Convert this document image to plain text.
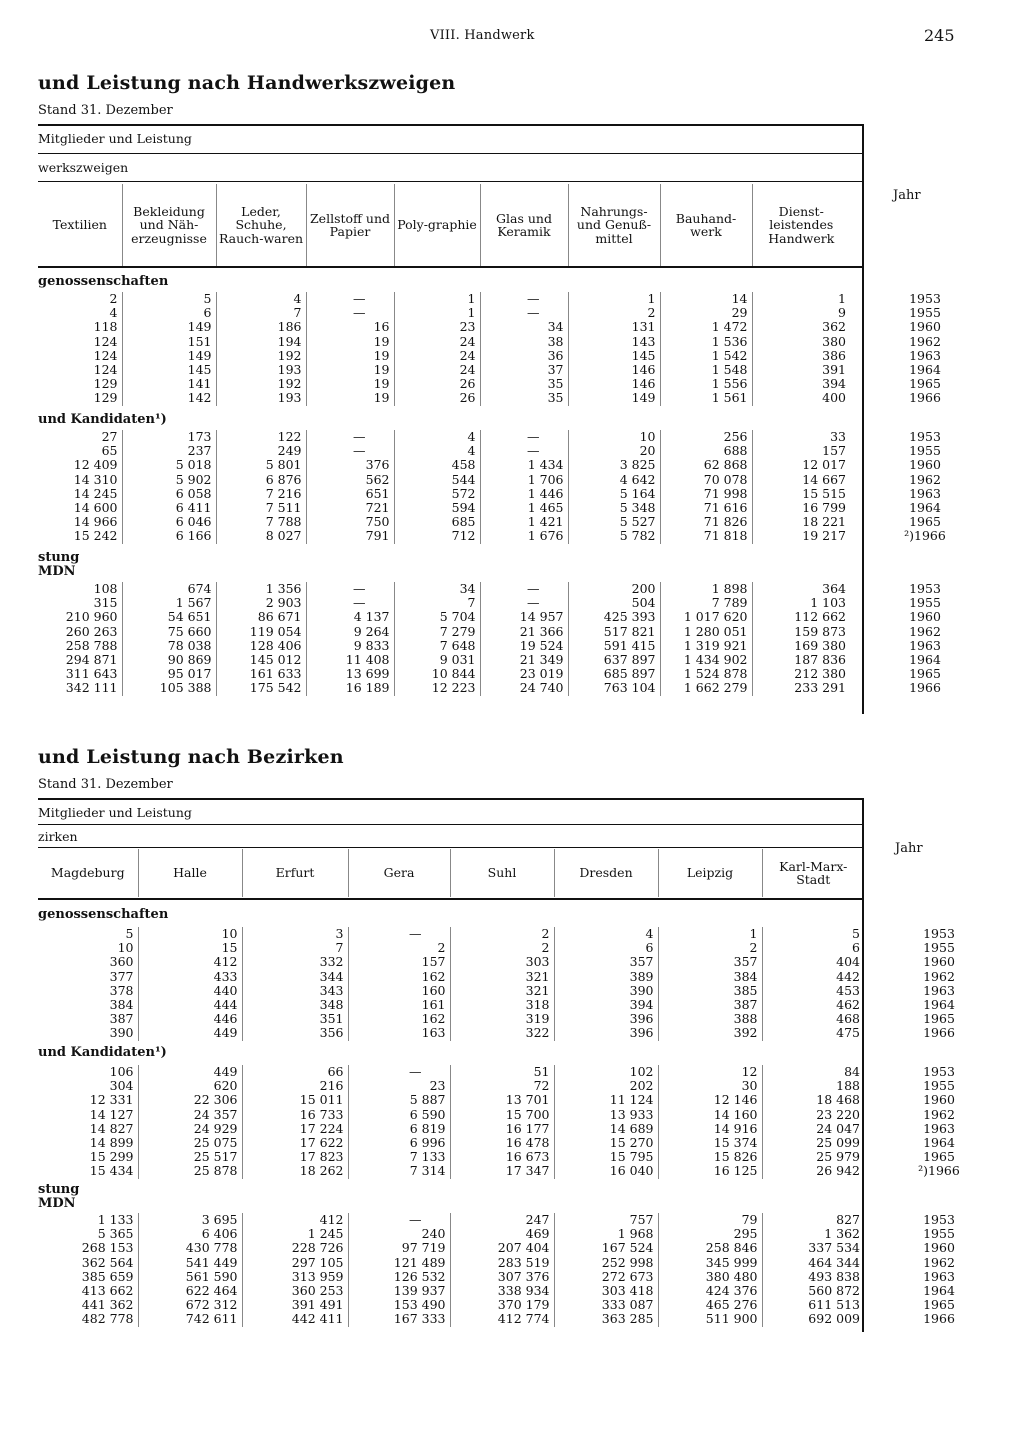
VIII. Handwerk	245
und Leistung nach Handwerkszweigen
Stand 31. Dezember
Mitglieder und Leistung
werkszweigen
Jahr
Textilien	Bekleidung und Näh-erzeugnisse	Leder, Schuhe, Rauch-waren	Zellstoff und Papier	Poly-graphie	Glas und Keramik	Nahrungs- und Genuß-mittel	Bauhand-werk	Dienst-leistendes Handwerk
genossenschaften
2	5	4	—	1	—	1	14	1	1953
4	6	7	—	1	—	2	29	9	1955
118	149	186	16	23	34	131	1 472	362	1960
124	151	194	19	24	38	143	1 536	380	1962
124	149	192	19	24	36	145	1 542	386	1963
124	145	193	19	24	37	146	1 548	391	1964
129	141	192	19	26	35	146	1 556	394	1965
129	142	193	19	26	35	149	1 561	400	1966
und Kandidaten¹)
27	173	122	—	4	—	10	256	33	1953
65	237	249	—	4	—	20	688	157	1955
12 409	5 018	5 801	376	458	1 434	3 825	62 868	12 017	1960
14 310	5 902	6 876	562	544	1 706	4 642	70 078	14 667	1962
14 245	6 058	7 216	651	572	1 446	5 164	71 998	15 515	1963
14 600	6 411	7 511	721	594	1 465	5 348	71 616	16 799	1964
14 966	6 046	7 788	750	685	1 421	5 527	71 826	18 221	1965
15 242	6 166	8 027	791	712	1 676	5 782	71 818	19 217	²)1966
stung
MDN
108	674	1 356	—	34	—	200	1 898	364	1953
315	1 567	2 903	—	7	—	504	7 789	1 103	1955
210 960	54 651	86 671	4 137	5 704	14 957	425 393	1 017 620	112 662	1960
260 263	75 660	119 054	9 264	7 279	21 366	517 821	1 280 051	159 873	1962
258 788	78 038	128 406	9 833	7 648	19 524	591 415	1 319 921	169 380	1963
294 871	90 869	145 012	11 408	9 031	21 349	637 897	1 434 902	187 836	1964
311 643	95 017	161 633	13 699	10 844	23 019	685 897	1 524 878	212 380	1965
342 111	105 388	175 542	16 189	12 223	24 740	763 104	1 662 279	233 291	1966
und Leistung nach Bezirken
Stand 31. Dezember
Mitglieder und Leistung
zirken
Jahr
Magdeburg	Halle	Erfurt	Gera	Suhl	Dresden	Leipzig	Karl-Marx-Stadt
genossenschaften
5	10	3	—	2	4	1	5	1953
10	15	7	2	2	6	2	6	1955
360	412	332	157	303	357	357	404	1960
377	433	344	162	321	389	384	442	1962
378	440	343	160	321	390	385	453	1963
384	444	348	161	318	394	387	462	1964
387	446	351	162	319	396	388	468	1965
390	449	356	163	322	396	392	475	1966
und Kandidaten¹)
106	449	66	—	51	102	12	84	1953
304	620	216	23	72	202	30	188	1955
12 331	22 306	15 011	5 887	13 701	11 124	12 146	18 468	1960
14 127	24 357	16 733	6 590	15 700	13 933	14 160	23 220	1962
14 827	24 929	17 224	6 819	16 177	14 689	14 916	24 047	1963
14 899	25 075	17 622	6 996	16 478	15 270	15 374	25 099	1964
15 299	25 517	17 823	7 133	16 673	15 795	15 826	25 979	1965
15 434	25 878	18 262	7 314	17 347	16 040	16 125	26 942	²)1966
stung
MDN
1 133	3 695	412	—	247	757	79	827	1953
5 365	6 406	1 245	240	469	1 968	295	1 362	1955
268 153	430 778	228 726	97 719	207 404	167 524	258 846	337 534	1960
362 564	541 449	297 105	121 489	283 519	252 998	345 999	464 344	1962
385 659	561 590	313 959	126 532	307 376	272 673	380 480	493 838	1963
413 662	622 464	360 253	139 937	338 934	303 418	424 376	560 872	1964
441 362	672 312	391 491	153 490	370 179	333 087	465 276	611 513	1965
482 778	742 611	442 411	167 333	412 774	363 285	511 900	692 009	1966
